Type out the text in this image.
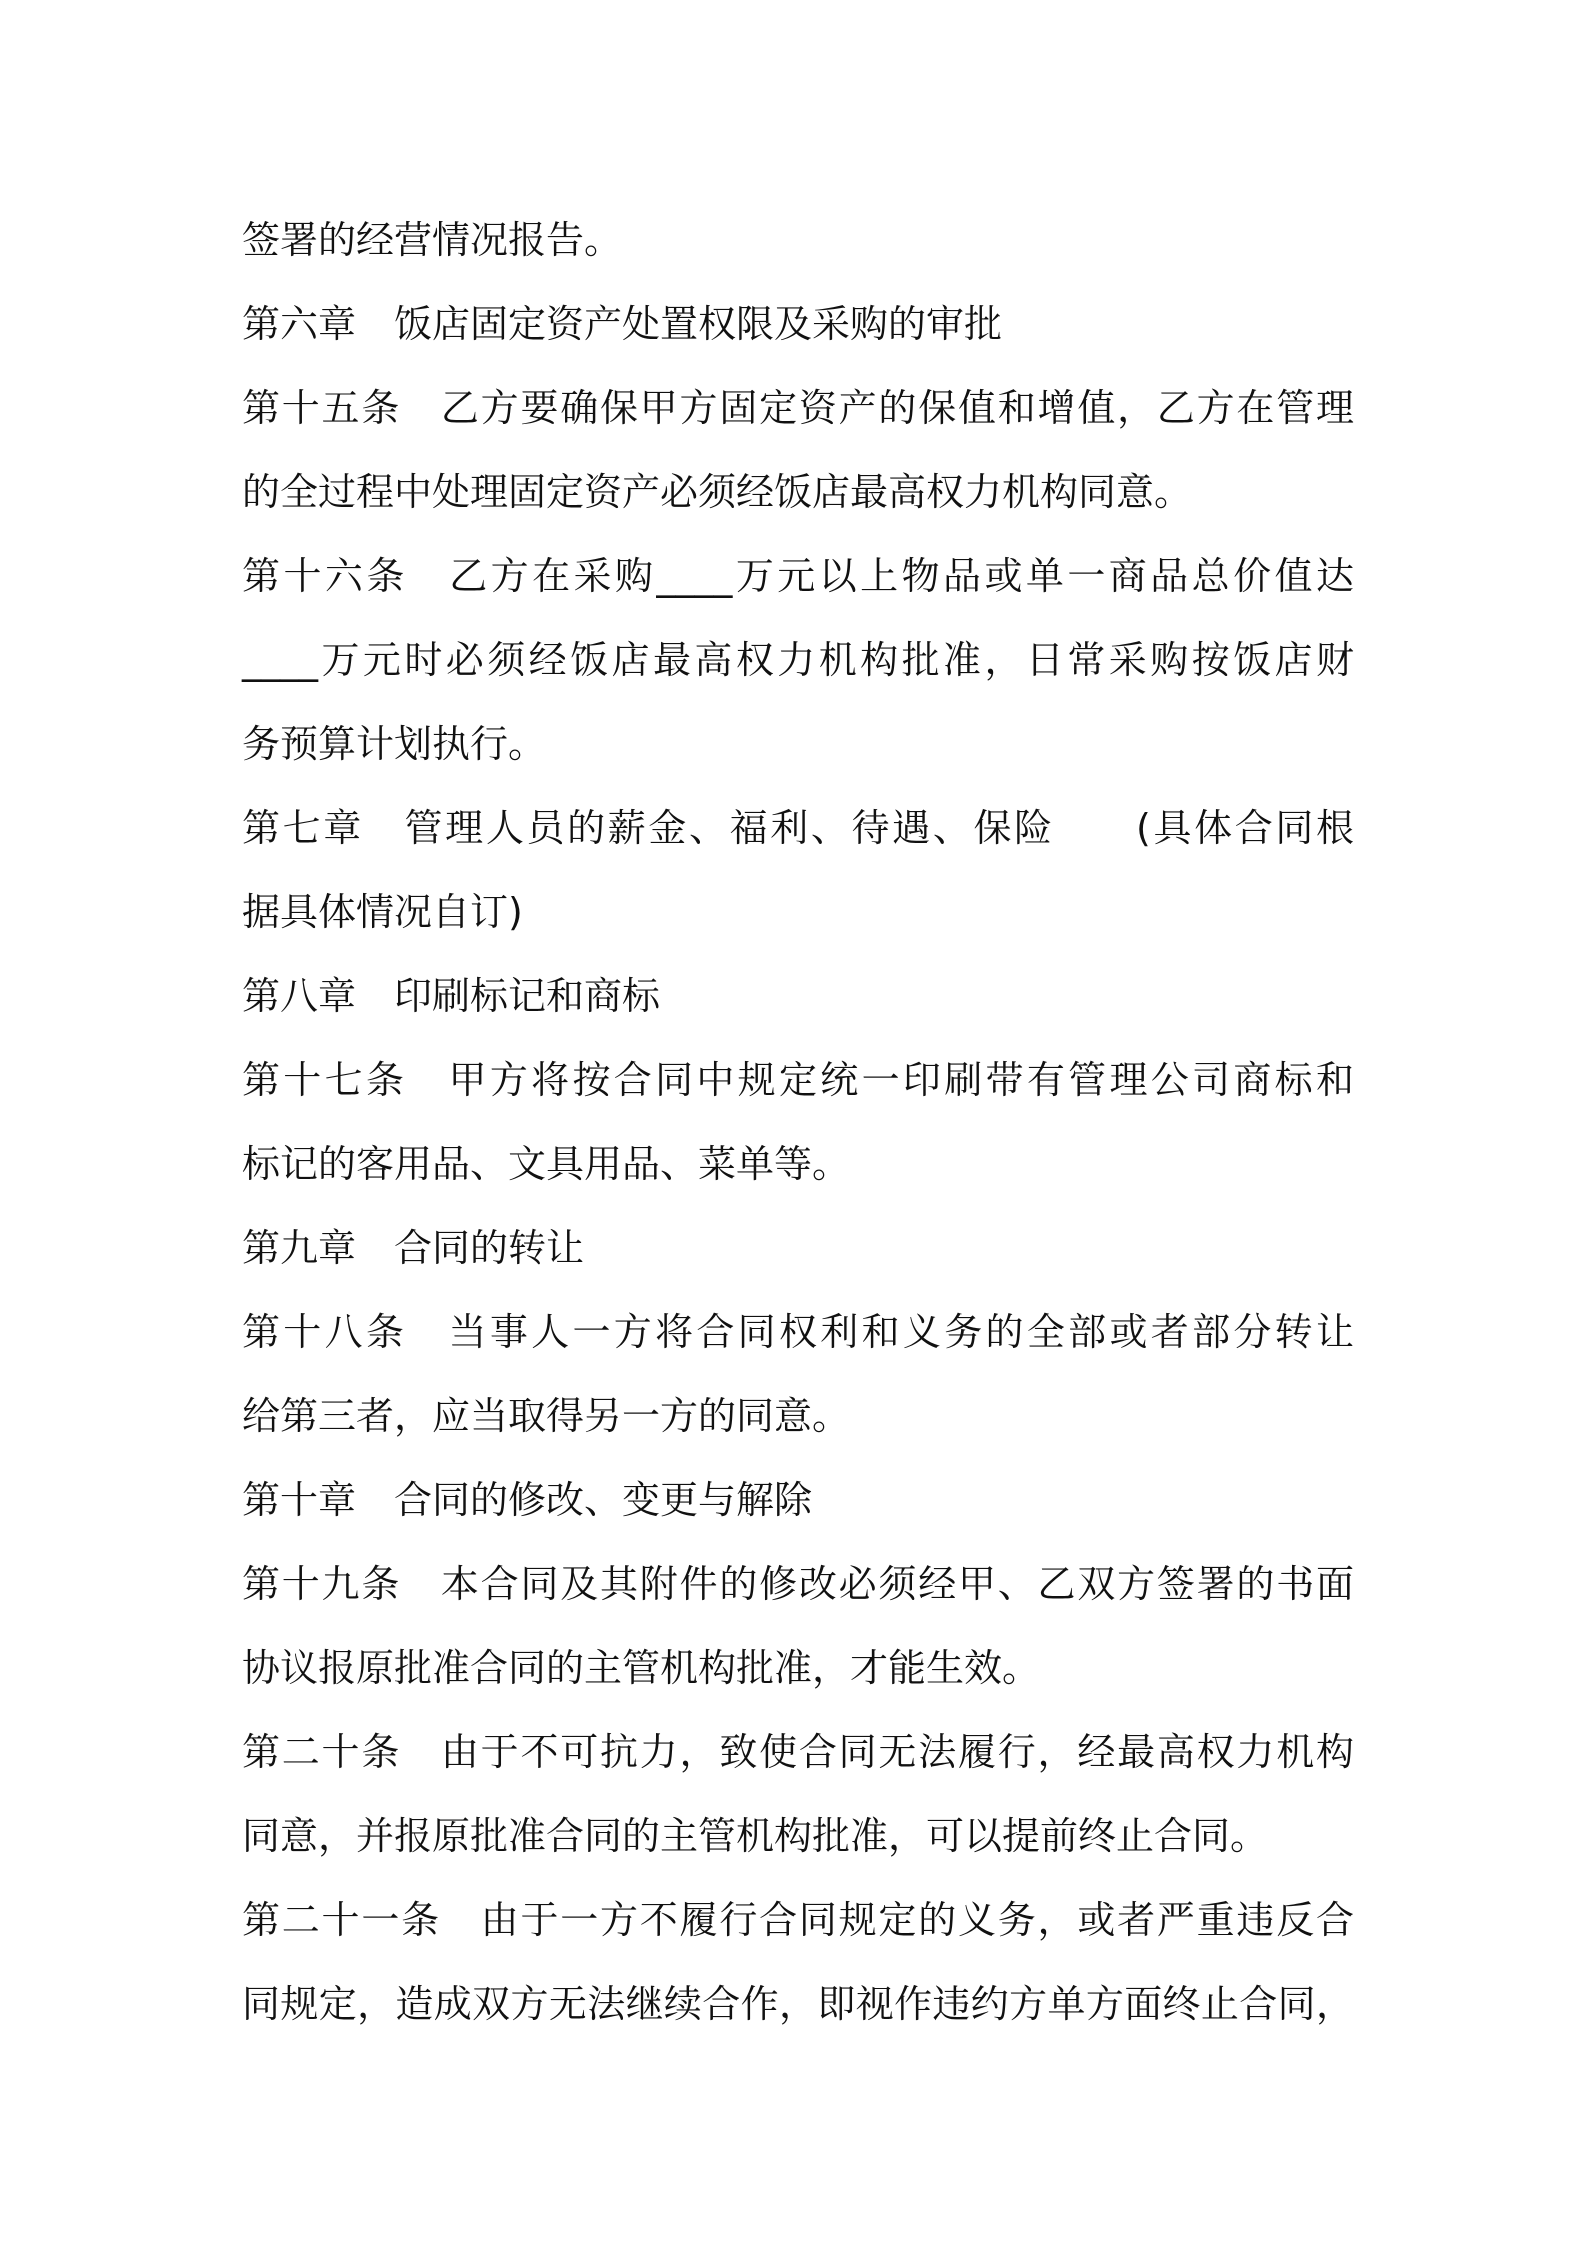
签署的经营情况报告。
第六章　饭店固定资产处置权限及采购的审批
第十五条　乙方要确保甲方固定资产的保值和增值，乙方在管理
的全过程中处理固定资产必须经饭店最高权力机构同意。
第十六条　乙方在采购____万元以上物品或单一商品总价值达
____万元时必须经饭店最高权力机构批准，日常采购按饭店财
务预算计划执行。
第七章　管理人员的薪金、福利、待遇、保险　　(具体合同根
据具体情况自订)
第八章　印刷标记和商标
第十七条　甲方将按合同中规定统一印刷带有管理公司商标和
标记的客用品、文具用品、菜单等。
第九章　合同的转让
第十八条　当事人一方将合同权利和义务的全部或者部分转让
给第三者，应当取得另一方的同意。
第十章　合同的修改、变更与解除
第十九条　本合同及其附件的修改必须经甲、乙双方签署的书面
协议报原批准合同的主管机构批准，才能生效。
第二十条　由于不可抗力，致使合同无法履行，经最高权力机构
同意，并报原批准合同的主管机构批准，可以提前终止合同。
第二十一条　由于一方不履行合同规定的义务，或者严重违反合
同规定，造成双方无法继续合作，即视作违约方单方面终止合同，
